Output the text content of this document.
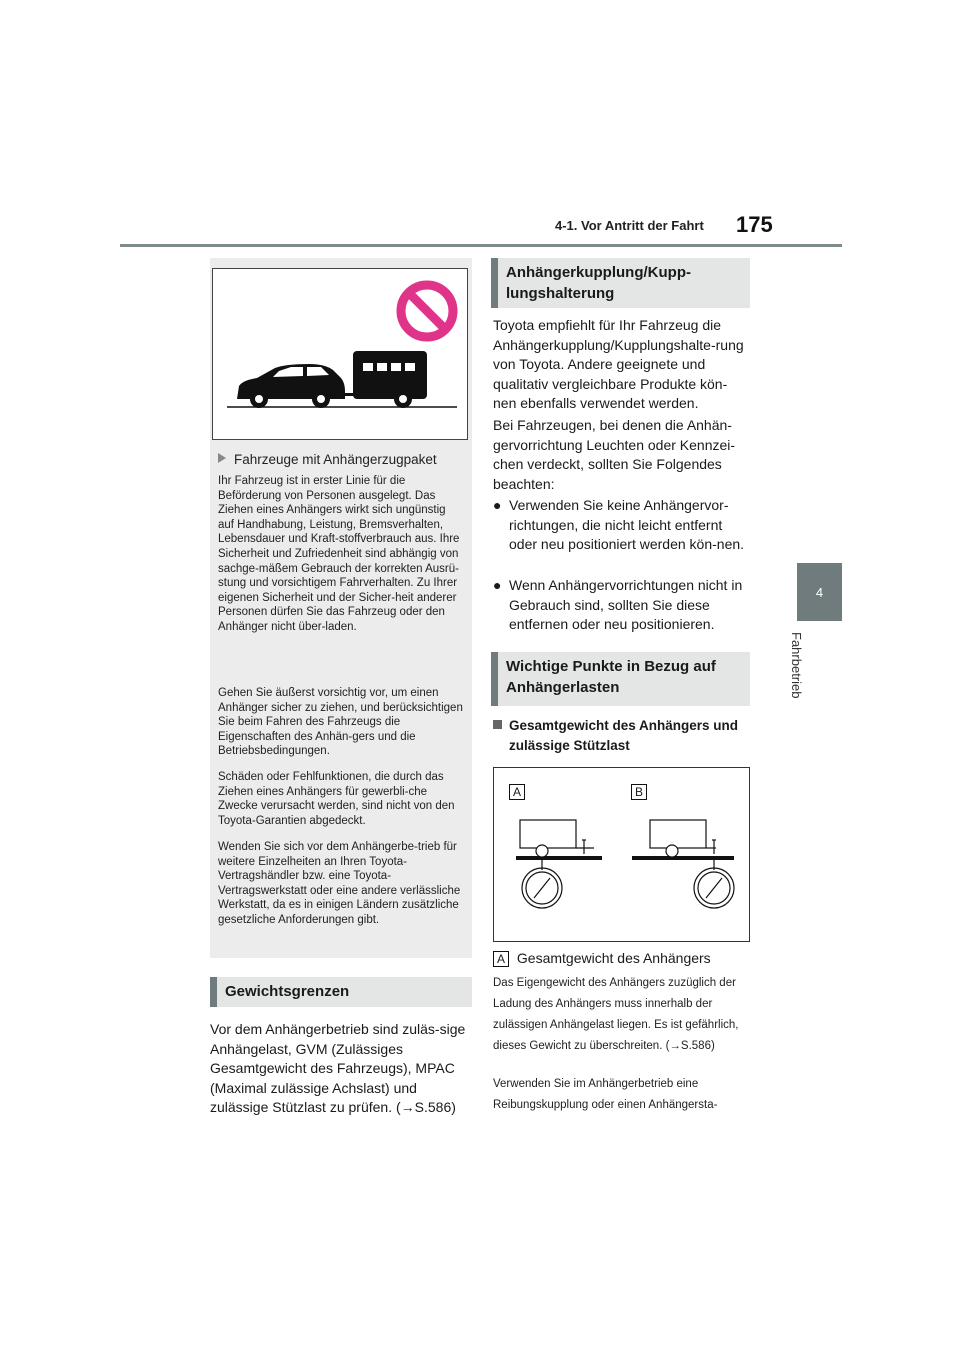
4-1. Vor Antritt der Fahrt 175
4
Fahrbetrieb
Fahrzeuge mit Anhängerzugpaket

Ihr Fahrzeug ist in erster Linie für die Beförderung von Personen ausgelegt. Das Ziehen eines Anhängers wirkt sich ungünstig auf Handhabung, Leistung, Bremsverhalten, Lebensdauer und Kraft-stoffverbrauch aus. Ihre Sicherheit und Zufriedenheit sind abhängig von sachge-mäßem Gebrauch der korrekten Ausrü-stung und vorsichtigem Fahrverhalten. Zu Ihrer eigenen Sicherheit und der Sicher-heit anderer Personen dürfen Sie das Fahrzeug oder den Anhänger nicht über-laden.

Gehen Sie äußerst vorsichtig vor, um einen Anhänger sicher zu ziehen, und berücksichtigen Sie beim Fahren des Fahrzeugs die Eigenschaften des Anhän-gers und die Betriebsbedingungen.

Schäden oder Fehlfunktionen, die durch das Ziehen eines Anhängers für gewerbli-che Zwecke verursacht werden, sind nicht von den Toyota-Garantien abgedeckt.

Wenden Sie sich vor dem Anhängerbe-trieb für weitere Einzelheiten an Ihren Toyota-Vertragshändler bzw. eine Toyota-Vertragswerkstatt oder eine andere verlässliche Werkstatt, da es in einigen Ländern zusätzliche gesetzliche Anforderungen gibt.

Gewichtsgrenzen

Vor dem Anhängerbetrieb sind zuläs-sige Anhängelast, GVM (Zulässiges Gesamtgewicht des Fahrzeugs), MPAC (Maximal zulässige Achslast) und zulässige Stützlast zu prüfen. (→S.586)

Anhängerkupplung/Kupp-lungshalterung

Toyota empfiehlt für Ihr Fahrzeug die Anhängerkupplung/Kupplungshalte-rung von Toyota. Andere geeignete und qualitativ vergleichbare Produkte kön-nen ebenfalls verwendet werden.

Bei Fahrzeugen, bei denen die Anhän-gervorrichtung Leuchten oder Kennzei-chen verdeckt, sollten Sie Folgendes beachten:

● Verwenden Sie keine Anhängervor-richtungen, die nicht leicht entfernt oder neu positioniert werden kön-nen.
● Wenn Anhängervorrichtungen nicht in Gebrauch sind, sollten Sie diese entfernen oder neu positionieren.
Wichtige Punkte in Bezug auf Anhängerlasten
Gesamtgewicht des Anhängers und zulässige Stützlast
A	B
A Gesamtgewicht des Anhängers

Das Eigengewicht des Anhängers zuzüglich der Ladung des Anhängers muss innerhalb der zulässigen Anhängelast liegen. Es ist gefährlich, dieses Gewicht zu überschreiten. (→S.586)

Verwenden Sie im Anhängerbetrieb eine Reibungskupplung oder einen Anhängersta-
